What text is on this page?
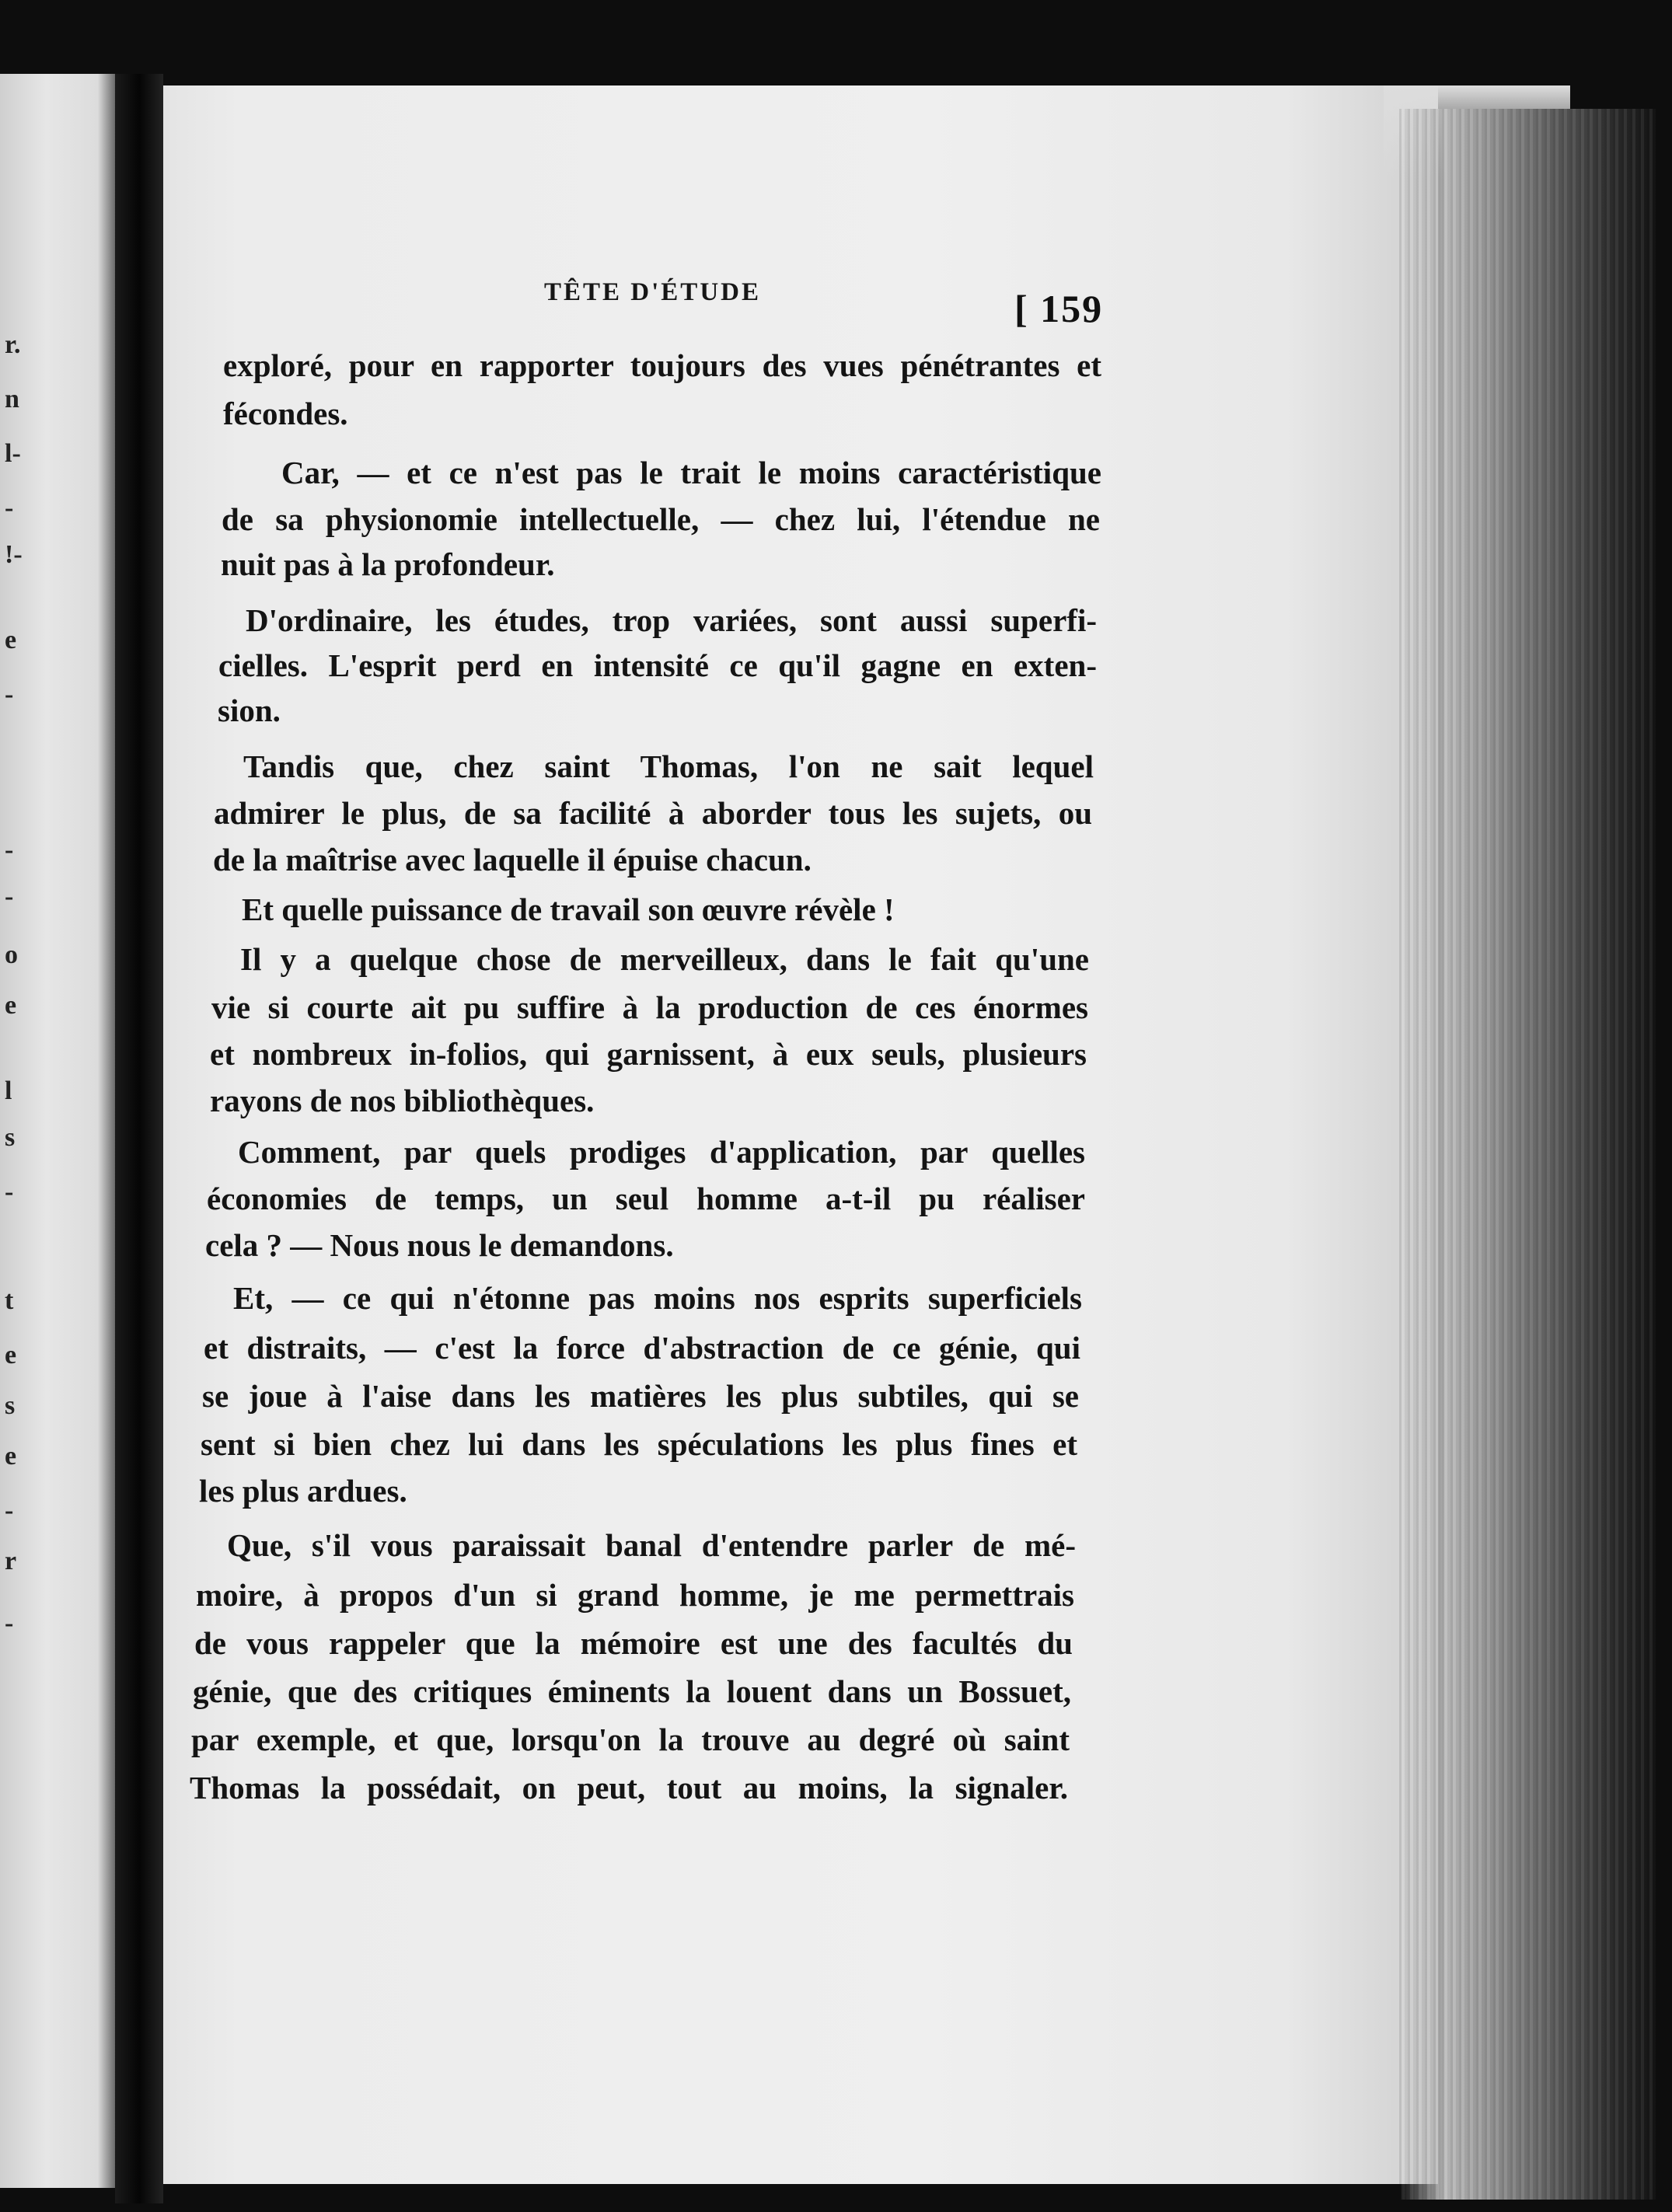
r.
n
l-
-
!-
e
-
-
-
o
e
l
s
-
t
e
s
e
-
r
-
TÊTE D'ÉTUDE	[ 159
exploré, pour en rapporter toujours des vues pénétrantes et
fécondes.
Car, — et ce n'est pas le trait le moins caractéristique
de sa physionomie intellectuelle, — chez lui, l'étendue ne
nuit pas à la profondeur.
D'ordinaire, les études, trop variées, sont aussi superfi-
cielles. L'esprit perd en intensité ce qu'il gagne en exten-
sion.
Tandis que, chez saint Thomas, l'on ne sait lequel
admirer le plus, de sa facilité à aborder tous les sujets, ou
de la maîtrise avec laquelle il épuise chacun.
Et quelle puissance de travail son œuvre révèle !
Il y a quelque chose de merveilleux, dans le fait qu'une
vie si courte ait pu suffire à la production de ces énormes
et nombreux in-folios, qui garnissent, à eux seuls, plusieurs
rayons de nos bibliothèques.
Comment, par quels prodiges d'application, par quelles
économies de temps, un seul homme a-t-il pu réaliser
cela ? — Nous nous le demandons.
Et, — ce qui n'étonne pas moins nos esprits superficiels
et distraits, — c'est la force d'abstraction de ce génie, qui
se joue à l'aise dans les matières les plus subtiles, qui se
sent si bien chez lui dans les spéculations les plus fines et
les plus ardues.
Que, s'il vous paraissait banal d'entendre parler de mé-
moire, à propos d'un si grand homme, je me permettrais
de vous rappeler que la mémoire est une des facultés du
génie, que des critiques éminents la louent dans un Bossuet,
par exemple, et que, lorsqu'on la trouve au degré où saint
Thomas la possédait, on peut, tout au moins, la signaler.
